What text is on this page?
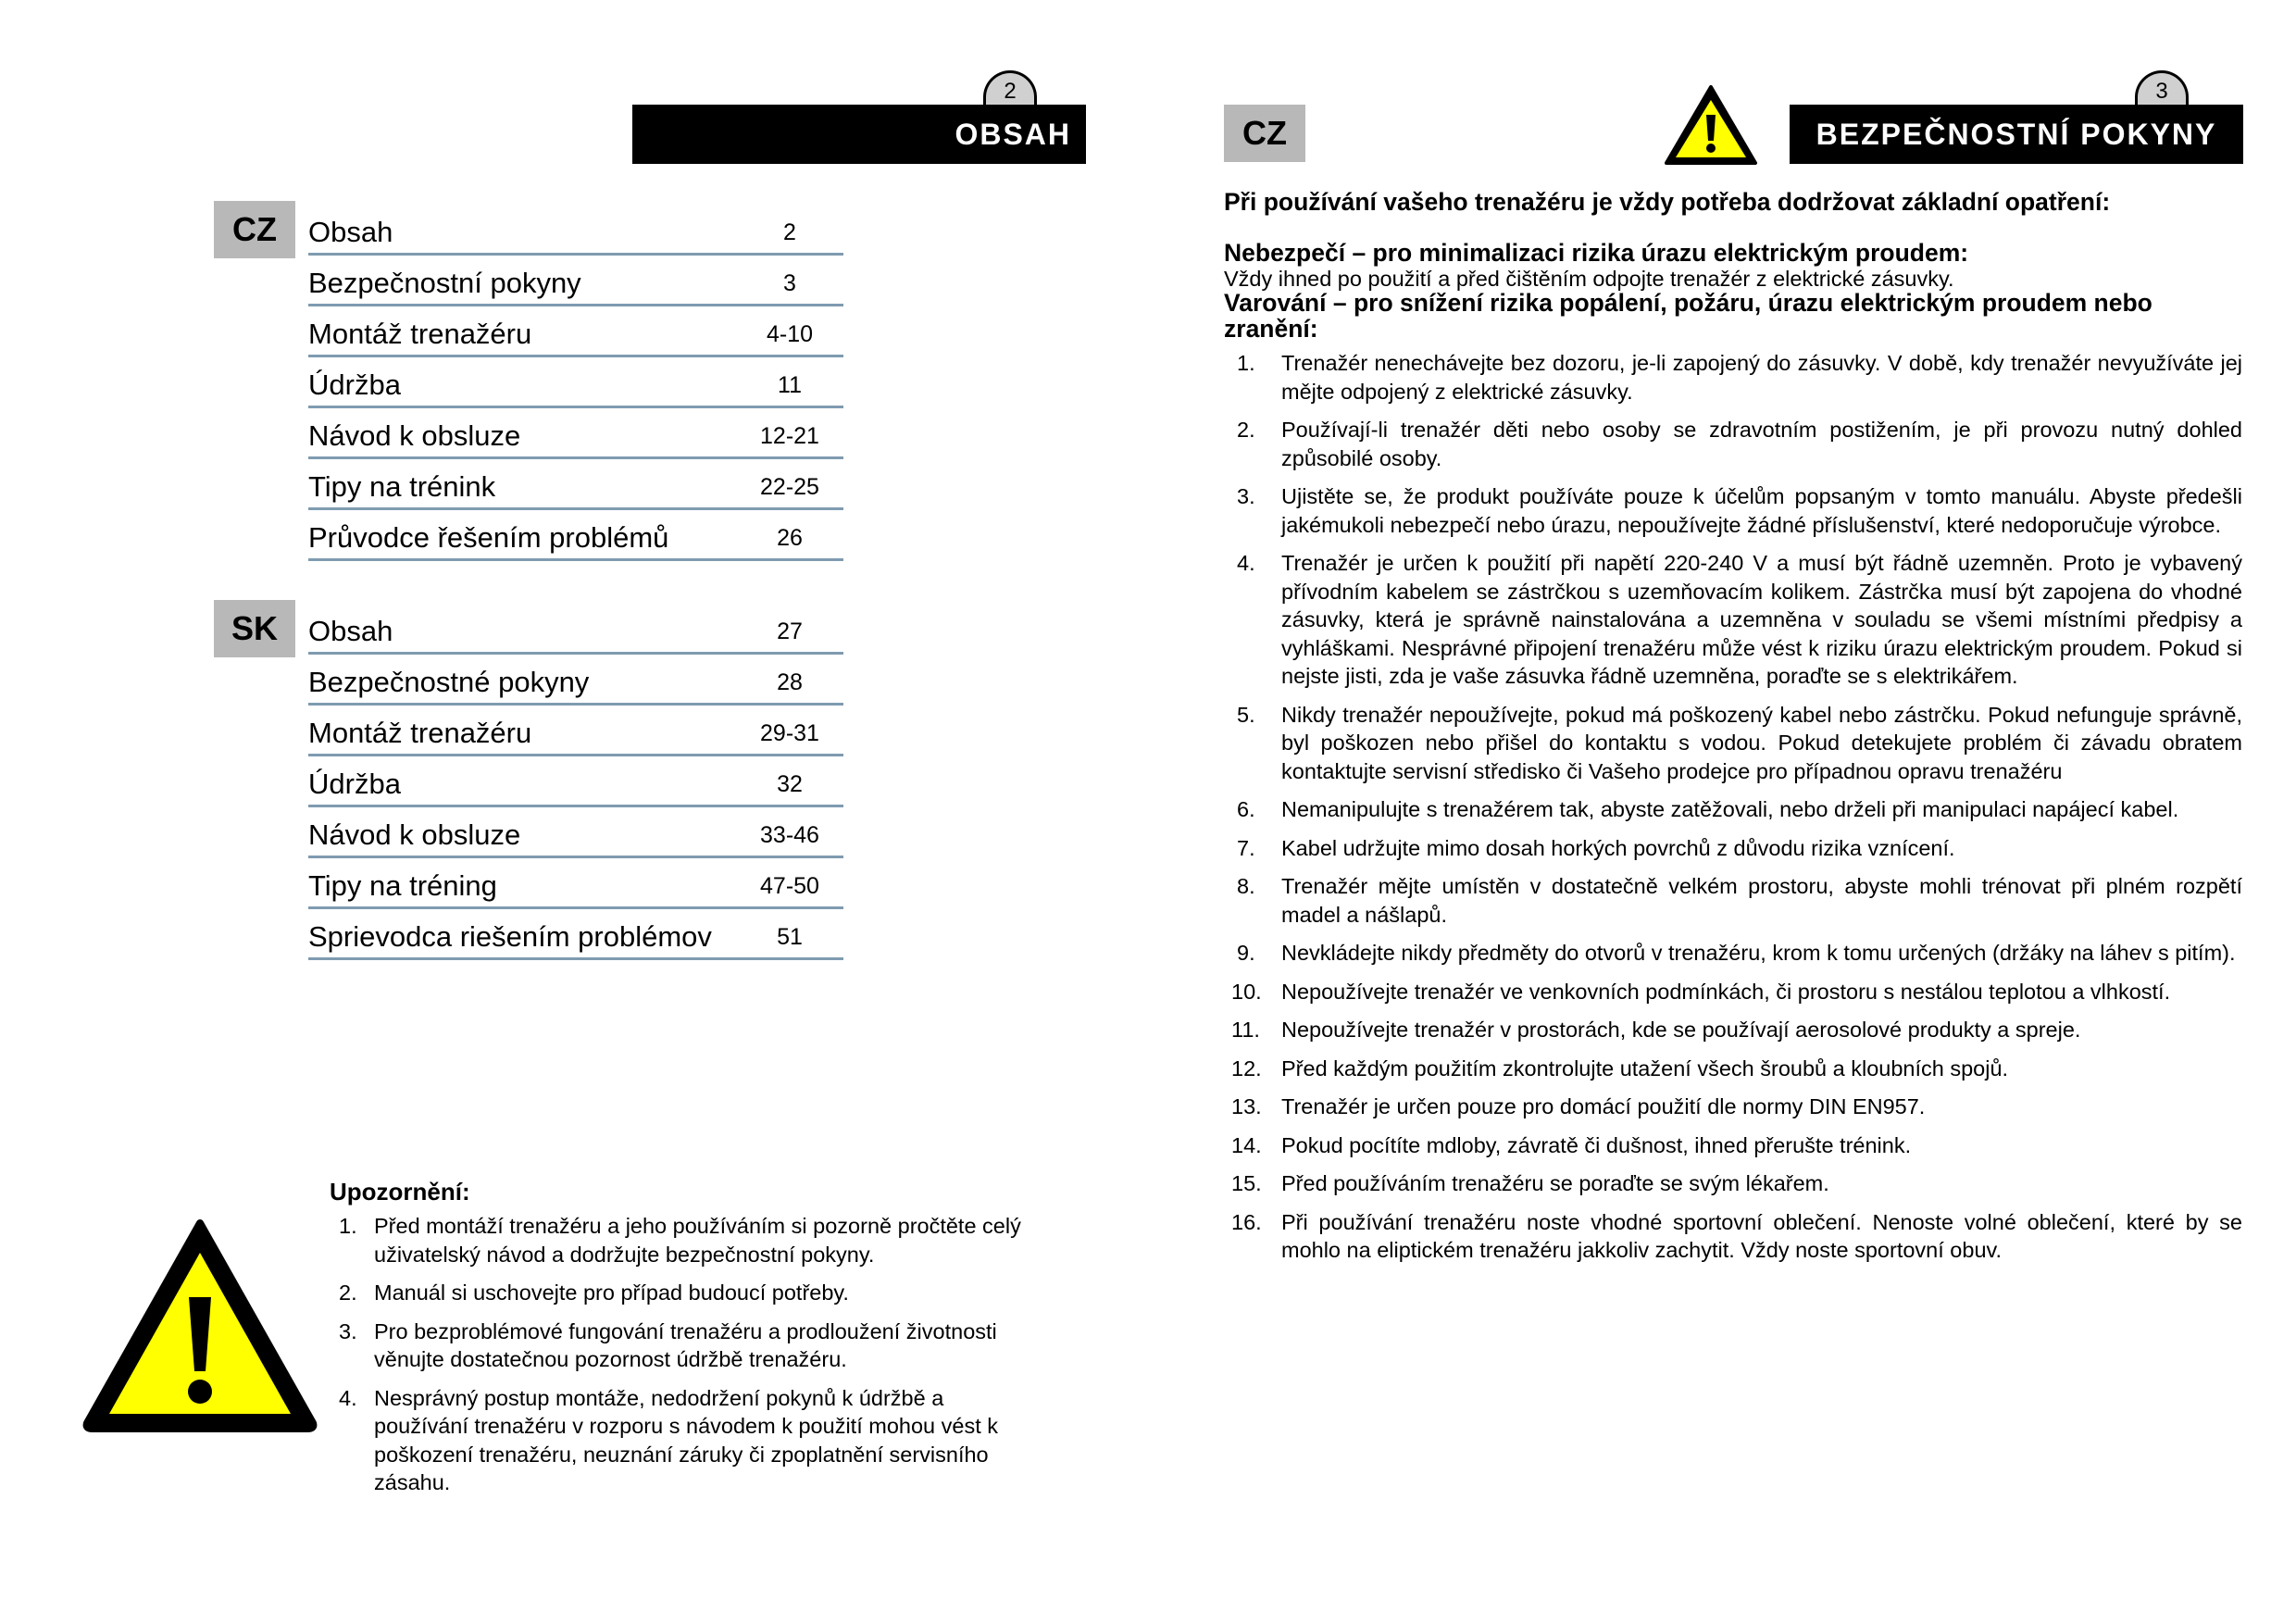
2
OBSAH
CZ	Obsah	2
Bezpečnostní pokyny	3
Montáž trenažéru	4-10
Údržba	11
Návod k obsluze	12-21
Tipy na trénink	22-25
Průvodce řešením problémů	26
SK	Obsah	27
Bezpečnostné pokyny	28
Montáž trenažéru	29-31
Údržba	32
Návod k obsluze	33-46
Tipy na tréning	47-50
Sprievodca riešením problémov	51
Upozornění:
1. Před montáží trenažéru a jeho používáním si pozorně pročtěte celý uživatelský návod a dodržujte bezpečnostní pokyny.
2. Manuál si uschovejte pro případ budoucí potřeby.
3. Pro bezproblémové fungování trenažéru a prodloužení životnosti věnujte dostatečnou pozornost údržbě trenažéru.
4. Nesprávný postup montáže, nedodržení pokynů k údržbě a používání trenažéru v rozporu s návodem k použití mohou vést k poškození trenažéru, neuznání záruky či zpoplatnění servisního zásahu.
3
CZ	BEZPEČNOSTNÍ POKYNY
Při používání vašeho trenažéru je vždy potřeba dodržovat základní opatření:
Nebezpečí – pro minimalizaci rizika úrazu elektrickým proudem:
Vždy ihned po použití a před čištěním odpojte trenažér z elektrické zásuvky.
Varování – pro snížení rizika popálení, požáru, úrazu elektrickým proudem nebo zranění:
1. Trenažér nenechávejte bez dozoru, je-li zapojený do zásuvky. V době, kdy trenažér nevyužíváte jej mějte odpojený z elektrické zásuvky.
2. Používají-li trenažér děti nebo osoby se zdravotním postižením, je při provozu nutný dohled způsobilé osoby.
3. Ujistěte se, že produkt používáte pouze k účelům popsaným v tomto manuálu. Abyste předešli jakémukoli nebezpečí nebo úrazu, nepoužívejte žádné příslušenství, které nedoporučuje výrobce.
4. Trenažér je určen k použití při napětí 220-240 V a musí být řádně uzemněn. Proto je vybavený přívodním kabelem se zástrčkou s uzemňovacím kolikem. Zástrčka musí být zapojena do vhodné zásuvky, která je správně nainstalována a uzemněna v souladu se všemi místními předpisy a vyhláškami. Nesprávné připojení trenažéru může vést k riziku úrazu elektrickým proudem. Pokud si nejste jisti, zda je vaše zásuvka řádně uzemněna, poraďte se s elektrikářem.
5. Nikdy trenažér nepoužívejte, pokud má poškozený kabel nebo zástrčku. Pokud nefunguje správně, byl poškozen nebo přišel do kontaktu s vodou. Pokud detekujete problém či závadu obratem kontaktujte servisní středisko či Vašeho prodejce pro případnou opravu trenažéru
6. Nemanipulujte s trenažérem tak, abyste zatěžovali, nebo drželi při manipulaci napájecí kabel.
7. Kabel udržujte mimo dosah horkých povrchů z důvodu rizika vznícení.
8. Trenažér mějte umístěn v dostatečně velkém prostoru, abyste mohli trénovat při plném rozpětí madel a nášlapů.
9. Nevkládejte nikdy předměty do otvorů v trenažéru, krom k tomu určených (držáky na láhev s pitím).
10. Nepoužívejte trenažér ve venkovních podmínkách, či prostoru s nestálou teplotou a vlhkostí.
11. Nepoužívejte trenažér v prostorách, kde se používají aerosolové produkty a spreje.
12. Před každým použitím zkontrolujte utažení všech šroubů a kloubních spojů.
13. Trenažér je určen pouze pro domácí použití dle normy DIN EN957.
14. Pokud pocítíte mdloby, závratě či dušnost, ihned přerušte trénink.
15. Před používáním trenažéru se poraďte se svým lékařem.
16. Při používání trenažéru noste vhodné sportovní oblečení. Nenoste volné oblečení, které by se mohlo na eliptickém trenažéru jakkoliv zachytit. Vždy noste sportovní obuv.
